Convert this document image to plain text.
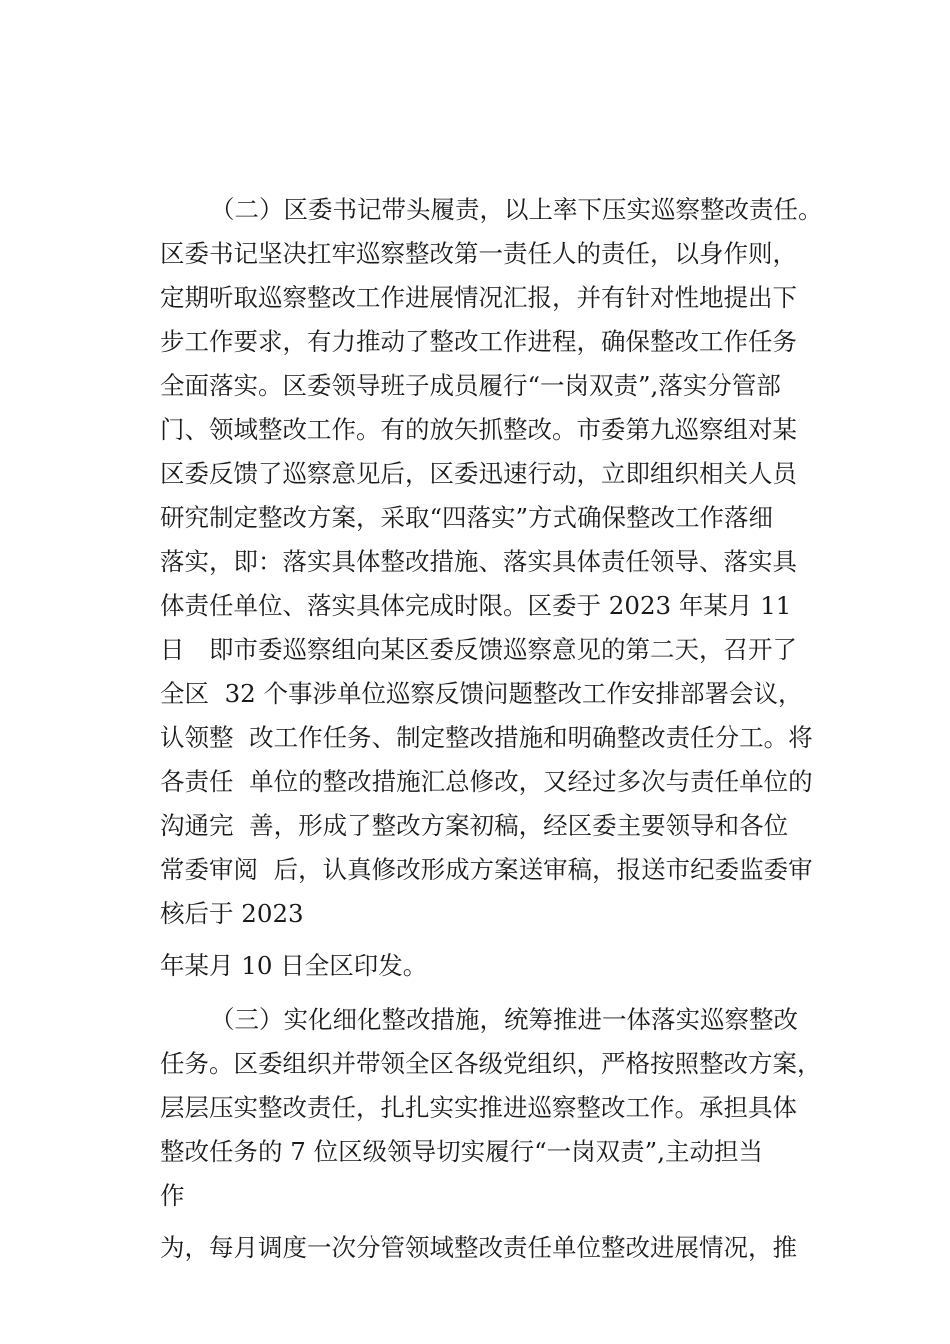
（二）区委书记带头履责，以上率下压实巡察整改责任。
区委书记坚决扛牢巡察整改第一责任人的责任，以身作则，
定期听取巡察整改工作进展情况汇报，并有针对性地提出下
步工作要求，有力推动了整改工作进程，确保整改工作任务
全面落实。区委领导班子成员履行“一岗双责”,落实分管部
门、领域整改工作。有的放矢抓整改。市委第九巡察组对某
区委反馈了巡察意见后，区委迅速行动，立即组织相关人员
研究制定整改方案，采取“四落实”方式确保整改工作落细
落实，即：落实具体整改措施、落实具体责任领导、落实具
体责任单位、落实具体完成时限。区委于 2023 年某月 11
日　即市委巡察组向某区委反馈巡察意见的第二天，召开了
全区  32 个事涉单位巡察反馈问题整改工作安排部署会议，
认领整  改工作任务、制定整改措施和明确整改责任分工。将
各责任  单位的整改措施汇总修改，又经过多次与责任单位的
沟通完  善，形成了整改方案初稿，经区委主要领导和各位
常委审阅  后，认真修改形成方案送审稿，报送市纪委监委审
核后于 2023
年某月 10 日全区印发。
（三）实化细化整改措施，统筹推进一体落实巡察整改
任务。区委组织并带领全区各级党组织，严格按照整改方案，
层层压实整改责任，扎扎实实推进巡察整改工作。承担具体
整改任务的 7 位区级领导切实履行“一岗双责”,主动担当
作
为，每月调度一次分管领域整改责任单位整改进展情况，推
